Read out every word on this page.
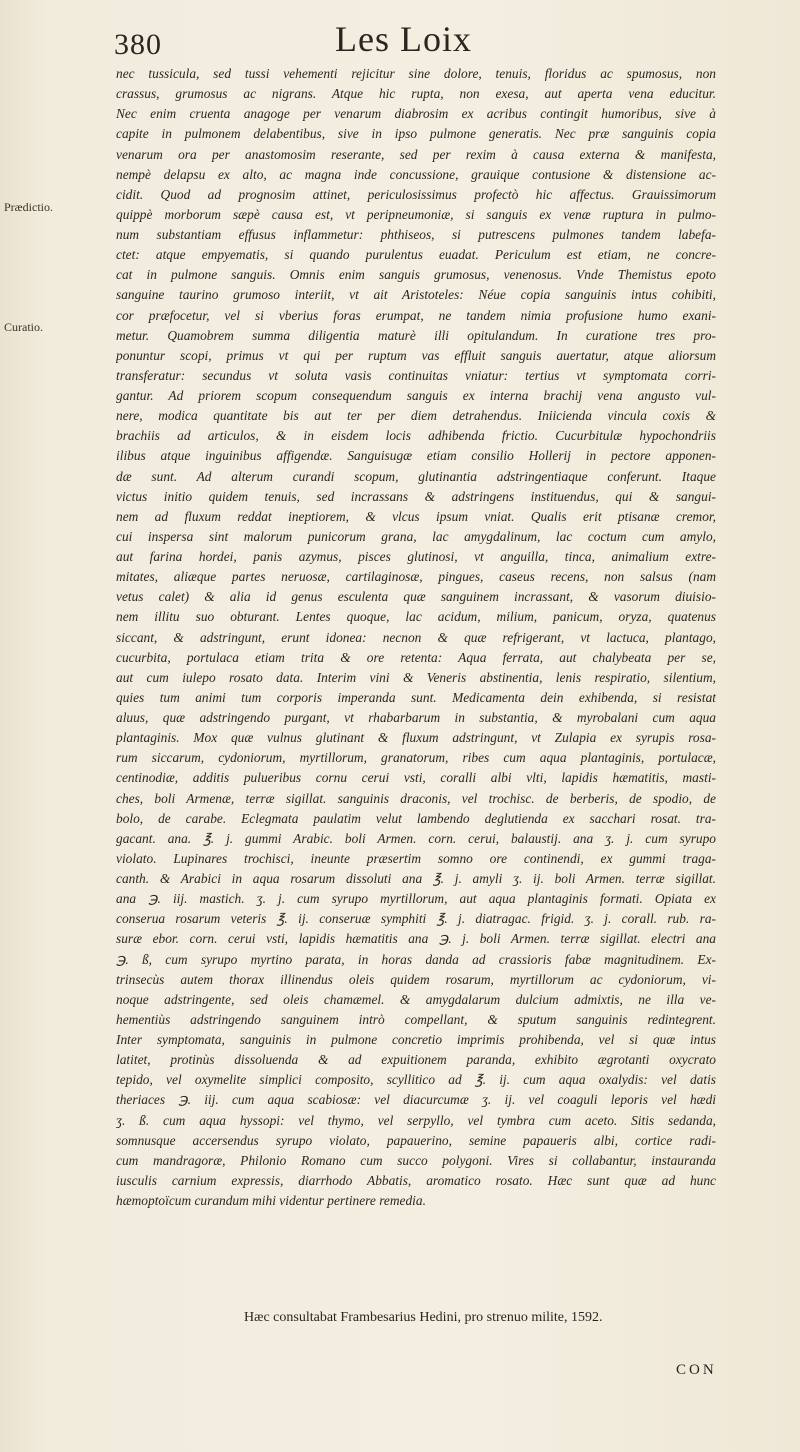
380	Les Loix
Prædictio.
Curatio.
nec tussicula, sed tussi vehementi rejicitur sine dolore, tenuis, floridus ac spumosus, non
crassus, grumosus ac nigrans. Atque hic rupta, non exesa, aut aperta vena educitur.
Nec enim cruenta anagoge per venarum diabrosim ex acribus contingit humoribus, sive à
capite in pulmonem delabentibus, sive in ipso pulmone generatis. Nec præ sanguinis copia
venarum ora per anastomosim reserante, sed per rexim à causa externa & manifesta,
nempè delapsu ex alto, ac magna inde concussione, grauique contusione & distensione ac-
cidit. Quod ad prognosim attinet, periculosissimus profectò hic affectus. Grauissimorum
quippè morborum sæpè causa est, vt peripneumoniæ, si sanguis ex venæ ruptura in pulmo-
num substantiam effusus inflammetur: phthiseos, si putrescens pulmones tandem labefa-
ctet: atque empyematis, si quando purulentus euadat. Periculum est etiam, ne concre-
cat in pulmone sanguis. Omnis enim sanguis grumosus, venenosus. Vnde Themistus epoto
sanguine taurino grumoso interiit, vt ait Aristoteles: Néue copia sanguinis intus cohibiti,
cor præfocetur, vel si vberius foras erumpat, ne tandem nimia profusione humo exani-
metur. Quamobrem summa diligentia maturè illi opitulandum. In curatione tres pro-
ponuntur scopi, primus vt qui per ruptum vas effluit sanguis auertatur, atque aliorsum
transferatur: secundus vt soluta vasis continuitas vniatur: tertius vt symptomata corri-
gantur. Ad priorem scopum consequendum sanguis ex interna brachij vena angusto vul-
nere, modica quantitate bis aut ter per diem detrahendus. Iniicienda vincula coxis &
brachiis ad articulos, & in eisdem locis adhibenda frictio. Cucurbitulæ hypochondriis
ilibus atque inguinibus affigendæ. Sanguisugæ etiam consilio Hollerij in pectore apponen-
dæ sunt. Ad alterum curandi scopum, glutinantia adstringentiaque conferunt. Itaque
victus initio quidem tenuis, sed incrassans & adstringens instituendus, qui & sangui-
nem ad fluxum reddat ineptiorem, & vlcus ipsum vniat. Qualis erit ptisanæ cremor,
cui inspersa sint malorum punicorum grana, lac amygdalinum, lac coctum cum amylo,
aut farina hordei, panis azymus, pisces glutinosi, vt anguilla, tinca, animalium extre-
mitates, aliæque partes neruosæ, cartilaginosæ, pingues, caseus recens, non salsus (nam
vetus calet) & alia id genus esculenta quæ sanguinem incrassant, & vasorum diuisio-
nem illitu suo obturant. Lentes quoque, lac acidum, milium, panicum, oryza, quatenus
siccant, & adstringunt, erunt idonea: necnon & quæ refrigerant, vt lactuca, plantago,
cucurbita, portulaca etiam trita & ore retenta: Aqua ferrata, aut chalybeata per se,
aut cum iulepo rosato data. Interim vini & Veneris abstinentia, lenis respiratio, silentium,
quies tum animi tum corporis imperanda sunt. Medicamenta dein exhibenda, si resistat
aluus, quæ adstringendo purgant, vt rhabarbarum in substantia, & myrobalani cum aqua
plantaginis. Mox quæ vulnus glutinant & fluxum adstringunt, vt Zulapia ex syrupis rosa-
rum siccarum, cydoniorum, myrtillorum, granatorum, ribes cum aqua plantaginis, portulacæ,
centinodiæ, additis pulueribus cornu cerui vsti, coralli albi vlti, lapidis hæmatitis, masti-
ches, boli Armenæ, terræ sigillat. sanguinis draconis, vel trochisc. de berberis, de spodio, de
bolo, de carabe. Eclegmata paulatim velut lambendo deglutienda ex sacchari rosat. tra-
gacant. ana. ℥. j. gummi Arabic. boli Armen. corn. cerui, balaustij. ana ʒ. j. cum syrupo
violato. Lupinares trochisci, ineunte præsertim somno ore continendi, ex gummi traga-
canth. & Arabici in aqua rosarum dissoluti ana ℥. j. amyli ʒ. ij. boli Armen. terræ sigillat.
ana ℈. iij. mastich. ʒ. j. cum syrupo myrtillorum, aut aqua plantaginis formati. Opiata ex
conserua rosarum veteris ℥. ij. conseruæ symphiti ℥. j. diatragac. frigid. ʒ. j. corall. rub. ra-
suræ ebor. corn. cerui vsti, lapidis hæmatitis ana ℈. j. boli Armen. terræ sigillat. electri ana
℈. ß, cum syrupo myrtino parata, in horas danda ad crassioris fabæ magnitudinem. Ex-
trinsecùs autem thorax illinendus oleis quidem rosarum, myrtillorum ac cydoniorum, vi-
noque adstringente, sed oleis chamæmel. & amygdalarum dulcium admixtis, ne illa ve-
hementiùs adstringendo sanguinem intrò compellant, & sputum sanguinis redintegrent.
Inter symptomata, sanguinis in pulmone concretio imprimis prohibenda, vel si quæ intus
latitet, protinùs dissoluenda & ad expuitionem paranda, exhibito ægrotanti oxycrato
tepido, vel oxymelite simplici composito, scyllitico ad ℥. ij. cum aqua oxalydis: vel datis
theriaces ℈. iij. cum aqua scabiosæ: vel diacurcumæ ʒ. ij. vel coaguli leporis vel hædi
ʒ. ß. cum aqua hyssopi: vel thymo, vel serpyllo, vel tymbra cum aceto. Sitis sedanda,
somnusque accersendus syrupo violato, papauerino, semine papaueris albi, cortice radi-
cum mandragoræ, Philonio Romano cum succo polygoni. Vires si collabantur, instauranda
iusculis carnium expressis, diarrhodo Abbatis, aromatico rosato. Hæc sunt quæ ad hunc
hæmoptoïcum curandum mihi videntur pertinere remedia.
Hæc consultabat Frambesarius Hedini, pro strenuo milite, 1592.
CON
